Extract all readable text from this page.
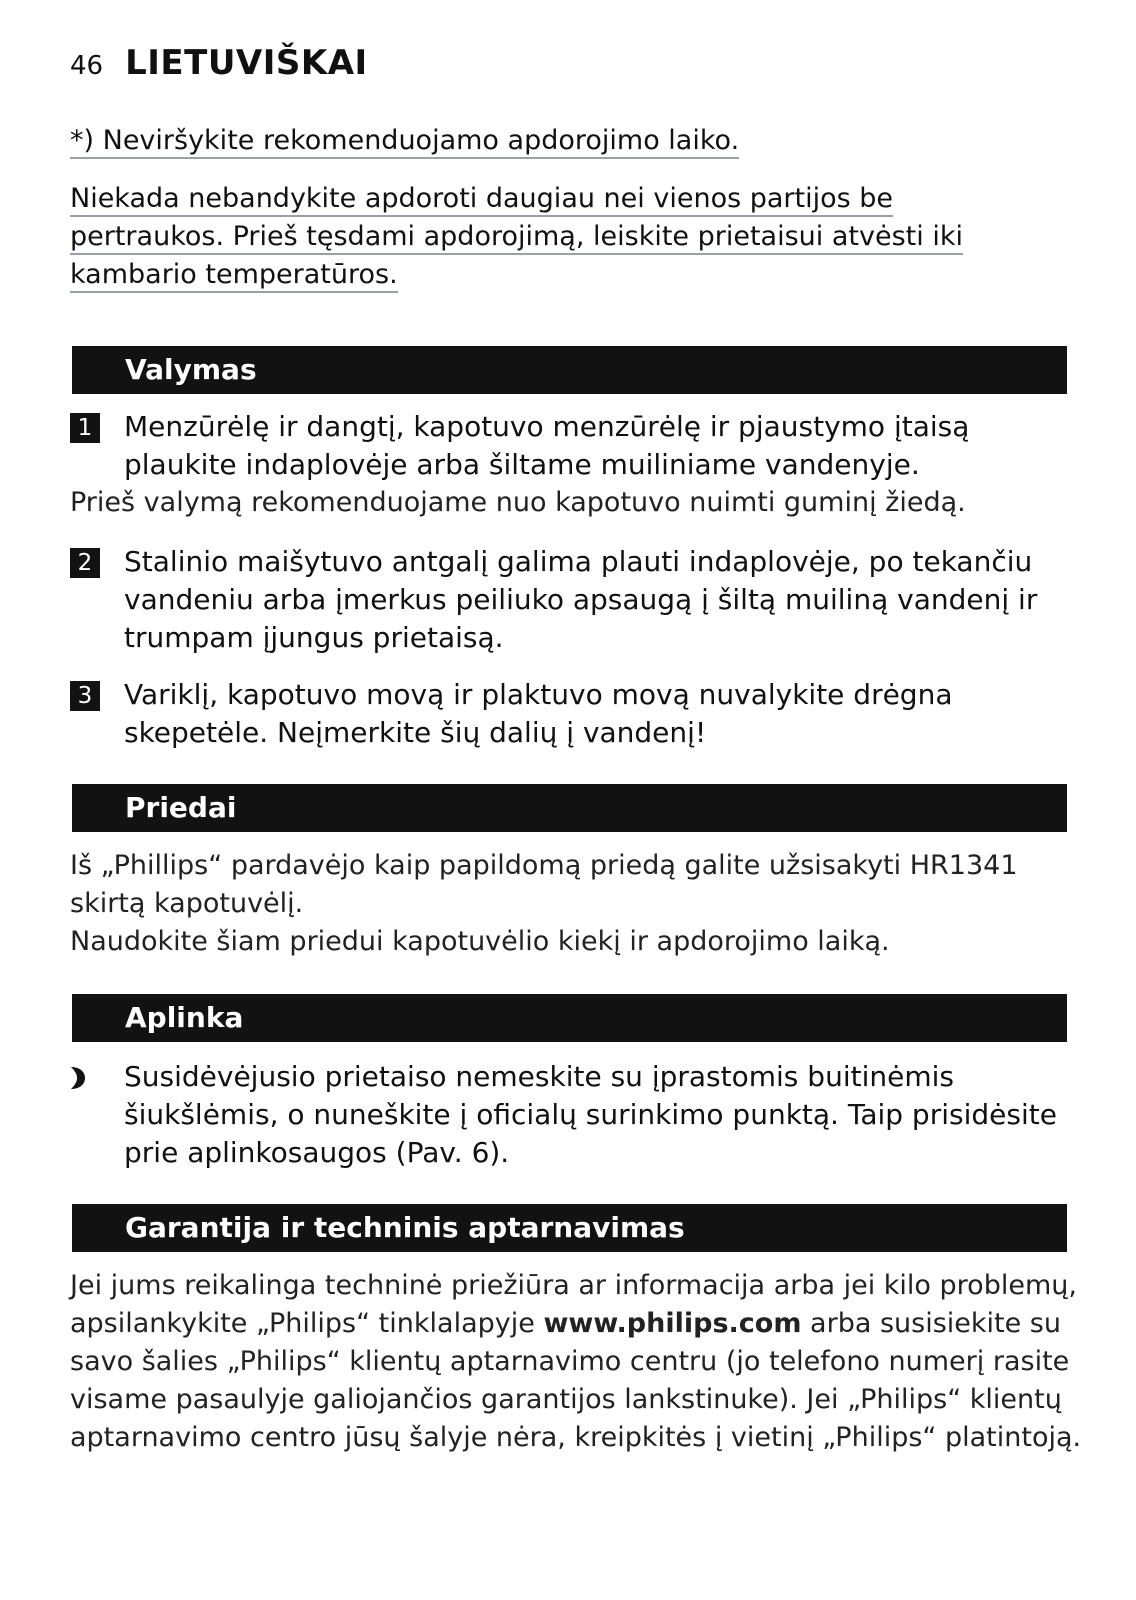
46 LIETUVIŠKAI
*) Neviršykite rekomenduojamo apdorojimo laiko.
Niekada nebandykite apdoroti daugiau nei vienos partijos be
pertraukos. Prieš tęsdami apdorojimą, leiskite prietaisui atvėsti iki
kambario temperatūros.
Valymas
1 Menzūrėlę ir dangtį, kapotuvo menzūrėlę ir pjaustymo įtaisą
plaukite indaplovėje arba šiltame muiliniame vandenyje.
Prieš valymą rekomenduojame nuo kapotuvo nuimti guminį žiedą.
2 Stalinio maišytuvo antgalį galima plauti indaplovėje, po tekančiu
vandeniu arba įmerkus peiliuko apsaugą į šiltą muiliną vandenį ir
trumpam įjungus prietaisą.
3 Variklį, kapotuvo movą ir plaktuvo movą nuvalykite drėgna
skepetėle. Neįmerkite šių dalių į vandenį!
Priedai
Iš „Phillips“ pardavėjo kaip papildomą priedą galite užsisakyti HR1341
skirtą kapotuvėlį.
Naudokite šiam priedui kapotuvėlio kiekį ir apdorojimo laiką.
Aplinka
Susidėvėjusio prietaiso nemeskite su įprastomis buitinėmis
šiukšlėmis, o nuneškite į oficialų surinkimo punktą. Taip prisidėsite
prie aplinkosaugos (Pav. 6).
Garantija ir techninis aptarnavimas
Jei jums reikalinga techninė priežiūra ar informacija arba jei kilo problemų,
apsilankykite „Philips“ tinklalapyje www.philips.com arba susisiekite su
savo šalies „Philips“ klientų aptarnavimo centru (jo telefono numerį rasite
visame pasaulyje galiojančios garantijos lankstinuke). Jei „Philips“ klientų
aptarnavimo centro jūsų šalyje nėra, kreipkitės į vietinį „Philips“ platintoją.
